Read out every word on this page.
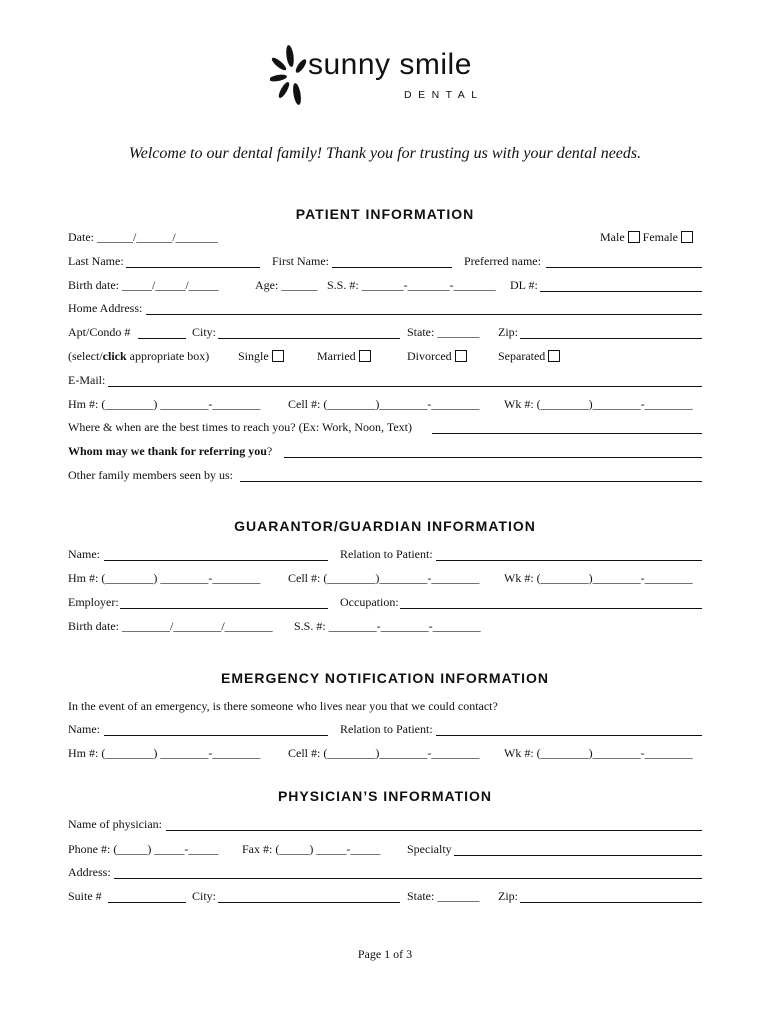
sunny smile
DENTAL
Welcome to our dental family! Thank you for trusting us with your dental needs.
PATIENT INFORMATION
Date: ______/______/_______	Male Female
Last Name:	First Name:	Preferred name:
Birth date: _____/_____/_____	Age: ______ S.S. #: _______-_______-_______ DL #:
Home Address:
Apt/Condo #	City:	State: _______ Zip:
(select/click appropriate box) Single	Married	Divorced	Separated
E-Mail:
Hm #: (________) ________-________ Cell #: (________)________-________ Wk #: (________)________-________
Where & when are the best times to reach you? (Ex: Work, Noon, Text)
Whom may we thank for referring you?
Other family members seen by us:
GUARANTOR/GUARDIAN INFORMATION
Name:	Relation to Patient:
Hm #: (________) ________-________ Cell #: (________)________-________ Wk #: (________)________-________
Employer:	Occupation:
Birth date: ________/________/________ S.S. #: ________-________-________
EMERGENCY NOTIFICATION INFORMATION
In the event of an emergency, is there someone who lives near you that we could contact?
Name:	Relation to Patient:
Hm #: (________) ________-________ Cell #: (________)________-________ Wk #: (________)________-________
PHYSICIAN’S INFORMATION
Name of physician:
Phone #: (_____) _____-_____ Fax #: (_____) _____-_____ Specialty
Address:
Suite #	City:	State: _______ Zip:
Page 1 of 3
